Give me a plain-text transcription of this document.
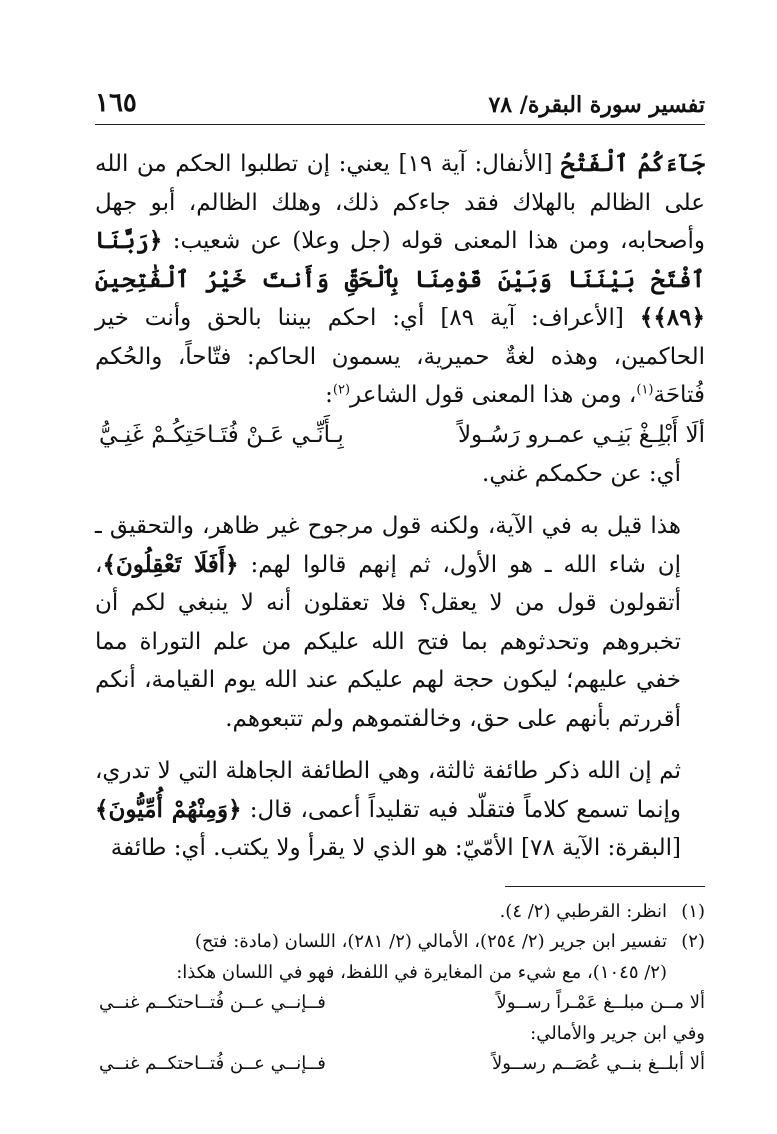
تفسير سورة البقرة/ ٧٨
١٦٥

جَآءَكُمُ ٱلْفَتْحُ [الأنفال: آية ١٩] يعني: إن تطلبوا الحكم من الله على الظالم بالهلاك فقد جاءكم ذلك، وهلك الظالم، أبو جهل وأصحابه، ومن هذا المعنى قوله (جل وعلا) عن شعيب: ﴿رَبَّنَا ٱفْتَحْ بَيْنَنَا وَبَيْنَ قَوْمِنَا بِٱلْحَقِّ وَأَنتَ خَيْرُ ٱلْفَٰتِحِينَ ﴿٨٩﴾﴾ [الأعراف: آية ٨٩] أي: احكم بيننا بالحق وأنت خير الحاكمين، وهذه لغةٌ حميرية، يسمون الحاكم: فتّاحاً، والحُكم فُتاحَة$^{(١)}$، ومن هذا المعنى قول الشاعر$^{(٢)}$:

ألَا أَبْلِـغْ بَنِـي عمـرو رَسُـولاً
بِـأَنِّـي عَـنْ فُتَـاحَتِكُـمْ غَنِـيُّ

أي: عن حكمكم غني.

هذا قيل به في الآية، ولكنه قول مرجوح غير ظاهر، والتحقيق ـ إن شاء الله ـ هو الأول، ثم إنهم قالوا لهم: ﴿أَفَلَا تَعْقِلُونَ﴾، أتقولون قول من لا يعقل؟ فلا تعقلون أنه لا ينبغي لكم أن تخبروهم وتحدثوهم بما فتح الله عليكم من علم التوراة مما خفي عليهم؛ ليكون حجة لهم عليكم عند الله يوم القيامة، أنكم أقررتم بأنهم على حق، وخالفتموهم ولم تتبعوهم.

ثم إن الله ذكر طائفة ثالثة، وهي الطائفة الجاهلة التي لا تدري، وإنما تسمع كلاماً فتقلّد فيه تقليداً أعمى، قال: ﴿وَمِنْهُمْ أُمِّيُّونَ﴾ [البقرة: الآية ٧٨] الأمّيّ: هو الذي لا يقرأ ولا يكتب. أي: طائفة

(١)انظر: القرطبي (٢/ ٤).

(٢)تفسير ابن جرير (٢/ ٢٥٤)، الأمالي (٢/ ٢٨١)، اللسان (مادة: فتح)

(٢/ ١٠٤٥)، مع شيء من المغايرة في اللفظ، فهو في اللسان هكذا:

ألا مــن مبلــغ عَمْـراً رســولاً
فــإنــي عــن فُتــاحتكــم غنــي

وفي ابن جرير والأمالي:

ألا أبلــغ بنــي عُصَــم رســولاً
فــإنــي عــن فُتــاحتكــم غنــي
